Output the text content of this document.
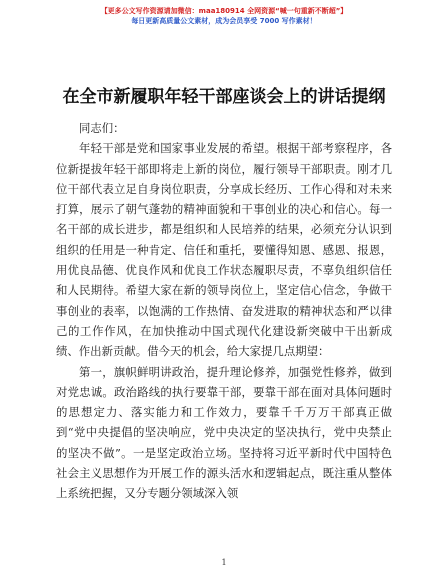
【更多公文写作资源请加微信：maa180914 全网资源“喊一句重新不断超”】
每日更新高质量公文素材，成为会员享受 7000 写作素材！
在全市新履职年轻干部座谈会上的讲话提纲

同志们：

年轻干部是党和国家事业发展的希望。根据干部考察程序，各位新提拔年轻干部即将走上新的岗位，履行领导干部职责。刚才几位干部代表立足自身岗位职责，分享成长经历、工作心得和对未来打算，展示了朝气蓬勃的精神面貌和干事创业的决心和信心。每一名干部的成长进步，都是组织和人民培养的结果，必须充分认识到组织的任用是一种肯定、信任和重托，要懂得知恩、感恩、报恩，用优良品德、优良作风和优良工作状态履职尽责，不辜负组织信任和人民期待。希望大家在新的领导岗位上，坚定信心信念，争做干事创业的表率，以饱满的工作热情、奋发进取的精神状态和严以律己的工作作风，在加快推动中国式现代化建设新突破中干出新成绩、作出新贡献。借今天的机会，给大家提几点期望：

第一，旗帜鲜明讲政治，提升理论修养，加强党性修养，做到对党忠诚。政治路线的执行要靠干部，要靠干部在面对具体问题时的思想定力、落实能力和工作效力，要靠千千万万干部真正做到“党中央提倡的坚决响应，党中央决定的坚决执行，党中央禁止的坚决不做”。一是坚定政治立场。坚持将习近平新时代中国特色社会主义思想作为开展工作的源头活水和逻辑起点，既注重从整体上系统把握，又分专题分领域深入领

1
